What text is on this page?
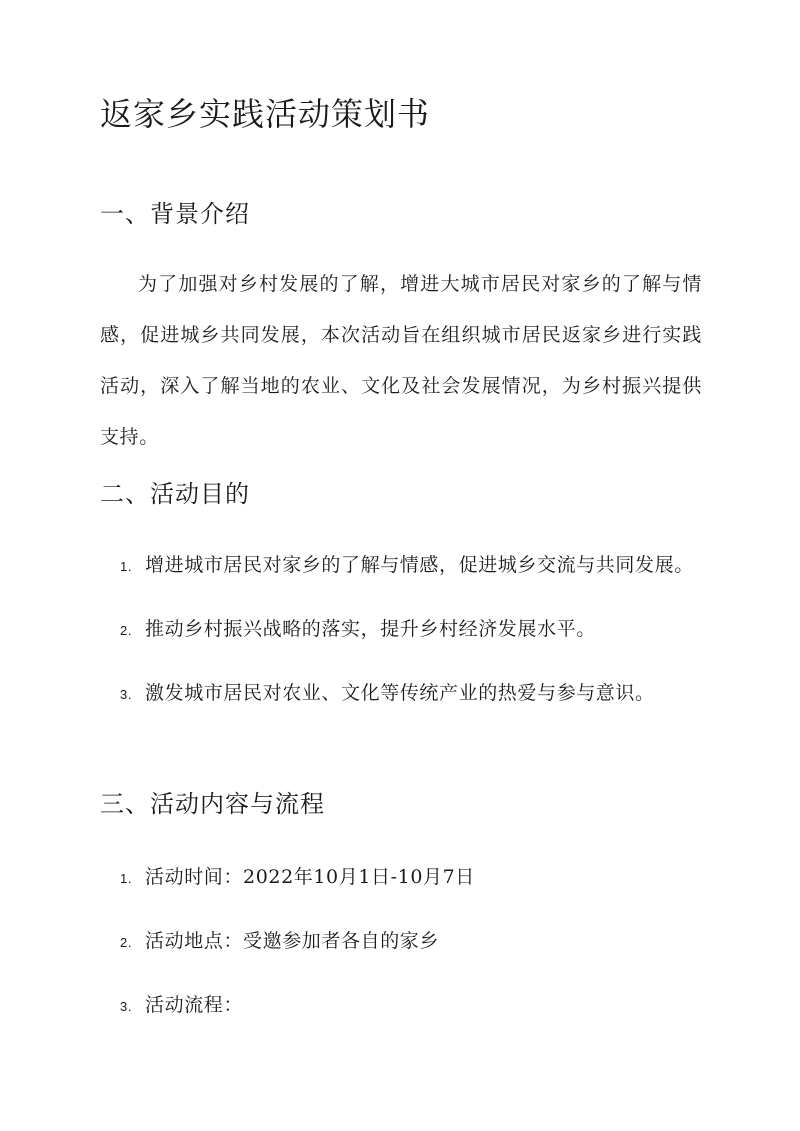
返家乡实践活动策划书
一、背景介绍

为了加强对乡村发展的了解，增进大城市居民对家乡的了解与情感，促进城乡共同发展，本次活动旨在组织城市居民返家乡进行实践活动，深入了解当地的农业、文化及社会发展情况，为乡村振兴提供支持。

二、活动目的
1. 增进城市居民对家乡的了解与情感，促进城乡交流与共同发展。
2. 推动乡村振兴战略的落实，提升乡村经济发展水平。
3. 激发城市居民对农业、文化等传统产业的热爱与参与意识。
三、活动内容与流程
1. 活动时间：2022年10月1日-10月7日
2. 活动地点：受邀参加者各自的家乡
3. 活动流程：
